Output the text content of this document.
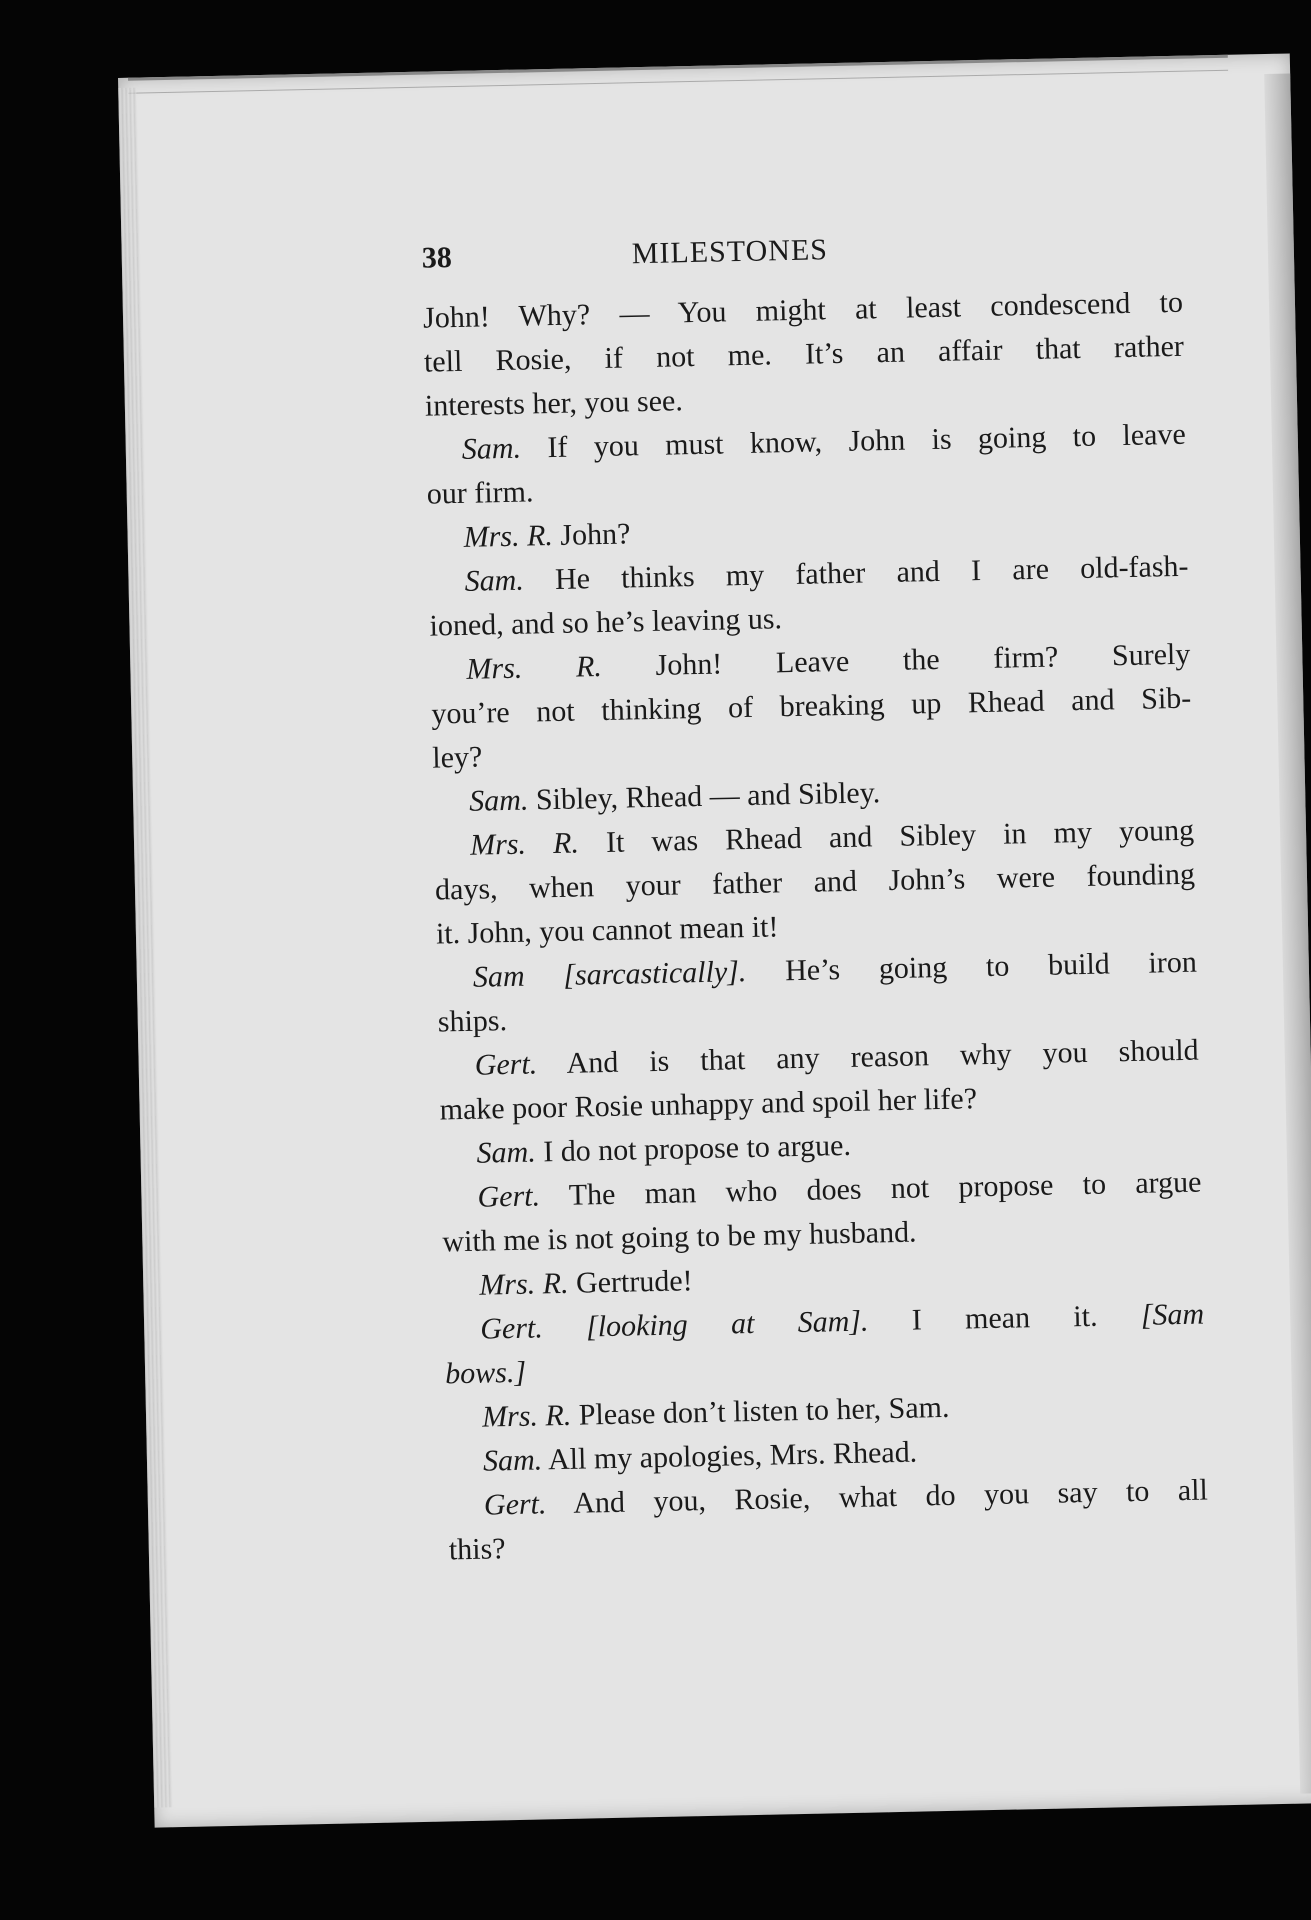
38	MILESTONES
John! Why? — You might at least condescend to
tell Rosie, if not me. It’s an affair that rather
interests her, you see.
Sam. If you must know, John is going to leave
our firm.
Mrs. R. John?
Sam. He thinks my father and I are old-fash-
ioned, and so he’s leaving us.
Mrs. R. John! Leave the firm? Surely
you’re not thinking of breaking up Rhead and Sib-
ley?
Sam. Sibley, Rhead — and Sibley.
Mrs. R. It was Rhead and Sibley in my young
days, when your father and John’s were founding
it. John, you cannot mean it!
Sam [sarcastically]. He’s going to build iron
ships.
Gert. And is that any reason why you should
make poor Rosie unhappy and spoil her life?
Sam. I do not propose to argue.
Gert. The man who does not propose to argue
with me is not going to be my husband.
Mrs. R. Gertrude!
Gert. [looking at Sam]. I mean it. [Sam
bows.]
Mrs. R. Please don’t listen to her, Sam.
Sam. All my apologies, Mrs. Rhead.
Gert. And you, Rosie, what do you say to all
this?
